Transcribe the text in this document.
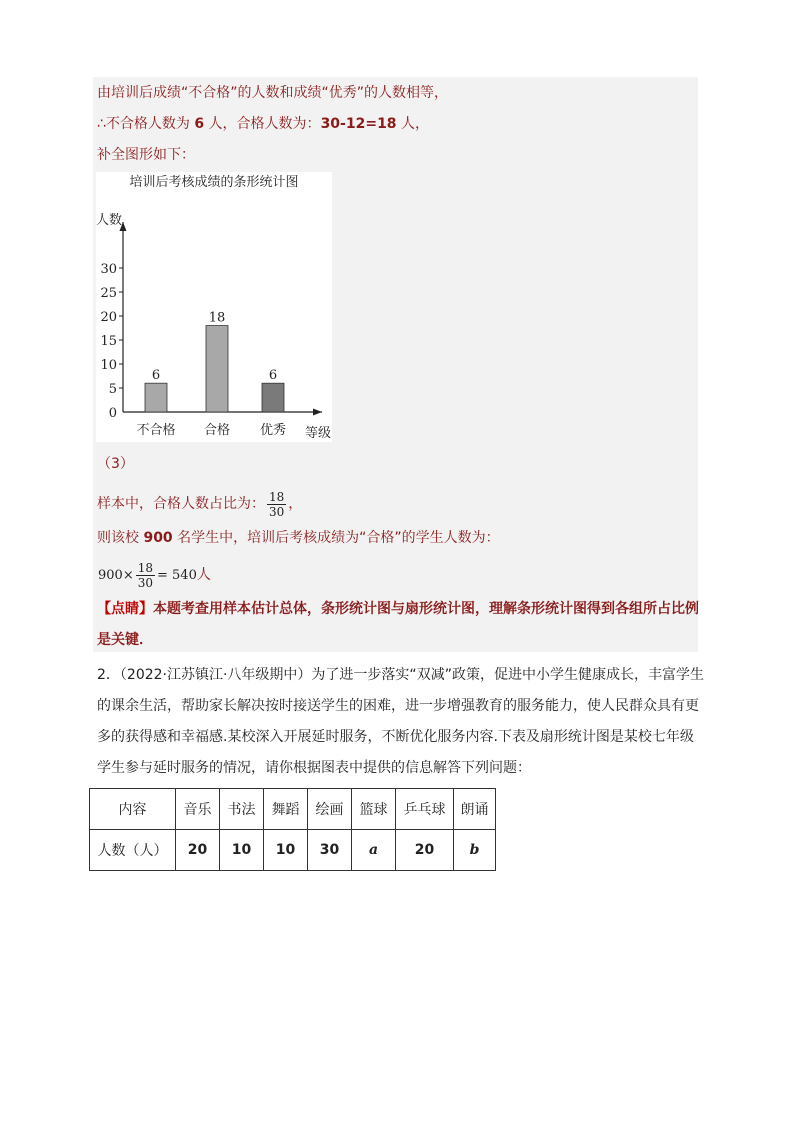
由培训后成绩“不合格”的人数和成绩“优秀”的人数相等，
∴不合格人数为 6 人，合格人数为：30-12=18 人，
补全图形如下：
培训后考核成绩的条形统计图
人数
等级
0
5
10
15
20
25
30
6
不合格
18
合格
6
优秀
（3）
样本中，合格人数占比为： $\frac{18}{30}$ ，
则该校 900 名学生中，培训后考核成绩为“合格”的学生人数为：
$900\times \frac{18}{30} = 540$人
【点睛】本题考查用样本估计总体，条形统计图与扇形统计图，理解条形统计图得到各组所占比例
是关键．
2．（2022·江苏镇江·八年级期中）为了进一步落实“双减”政策，促进中小学生健康成长，丰富学生
的课余生活，帮助家长解决按时接送学生的困难，进一步增强教育的服务能力，使人民群众具有更
多的获得感和幸福感.某校深入开展延时服务，不断优化服务内容.下表及扇形统计图是某校七年级
学生参与延时服务的情况，请你根据图表中提供的信息解答下列问题：
内容	音乐	书法	舞蹈	绘画	篮球	乒乓球	朗诵
人数（人）	20	10	10	30	a	20	b
